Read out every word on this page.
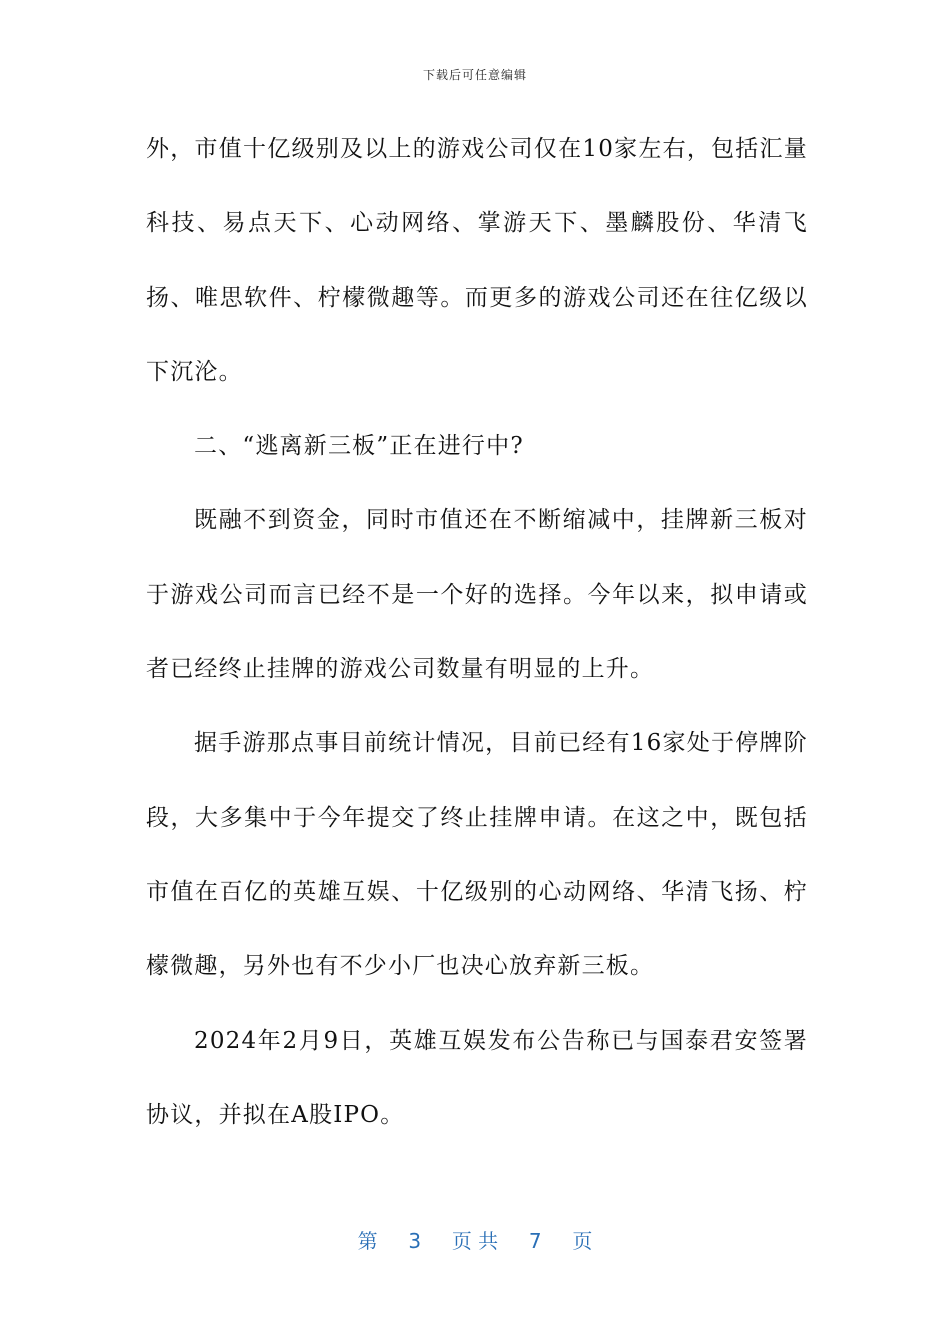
下载后可任意编辑

外，市值十亿级别及以上的游戏公司仅在10家左右，包括汇量科技、易点天下、心动网络、掌游天下、墨麟股份、华清飞扬、唯思软件、柠檬微趣等。而更多的游戏公司还在往亿级以下沉沦。

二、“逃离新三板”正在进行中?

既融不到资金，同时市值还在不断缩减中，挂牌新三板对于游戏公司而言已经不是一个好的选择。今年以来，拟申请或者已经终止挂牌的游戏公司数量有明显的上升。

据手游那点事目前统计情况，目前已经有16家处于停牌阶段，大多集中于今年提交了终止挂牌申请。在这之中，既包括市值在百亿的英雄互娱、十亿级别的心动网络、华清飞扬、柠檬微趣，另外也有不少小厂也决心放弃新三板。

2024年2月9日，英雄互娱发布公告称已与国泰君安签署协议，并拟在A股IPO。

第 3 页 共 7 页
